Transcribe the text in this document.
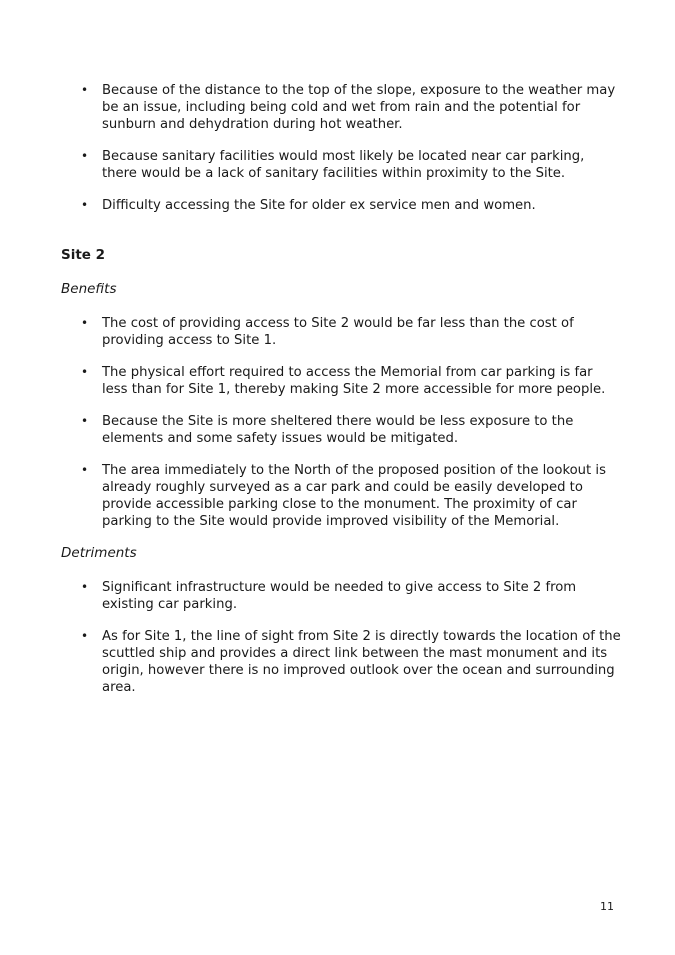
• Because of the distance to the top of the slope, exposure to the weather may be an issue, including being cold and wet from rain and the potential for sunburn and dehydration during hot weather.
• Because sanitary facilities would most likely be located near car parking, there would be a lack of sanitary facilities within proximity to the Site.
• Difficulty accessing the Site for older ex service men and women.
Site 2
Benefits
• The cost of providing access to Site 2 would be far less than the cost of providing access to Site 1.
• The physical effort required to access the Memorial from car parking is far less than for Site 1, thereby making Site 2 more accessible for more people.
• Because the Site is more sheltered there would be less exposure to the elements and some safety issues would be mitigated.
• The area immediately to the North of the proposed position of the lookout is already roughly surveyed as a car park and could be easily developed to provide accessible parking close to the monument. The proximity of car parking to the Site would provide improved visibility of the Memorial.
Detriments
• Significant infrastructure would be needed to give access to Site 2 from existing car parking.
• As for Site 1, the line of sight from Site 2 is directly towards the location of the scuttled ship and provides a direct link between the mast monument and its origin, however there is no improved outlook over the ocean and surrounding area.
11
